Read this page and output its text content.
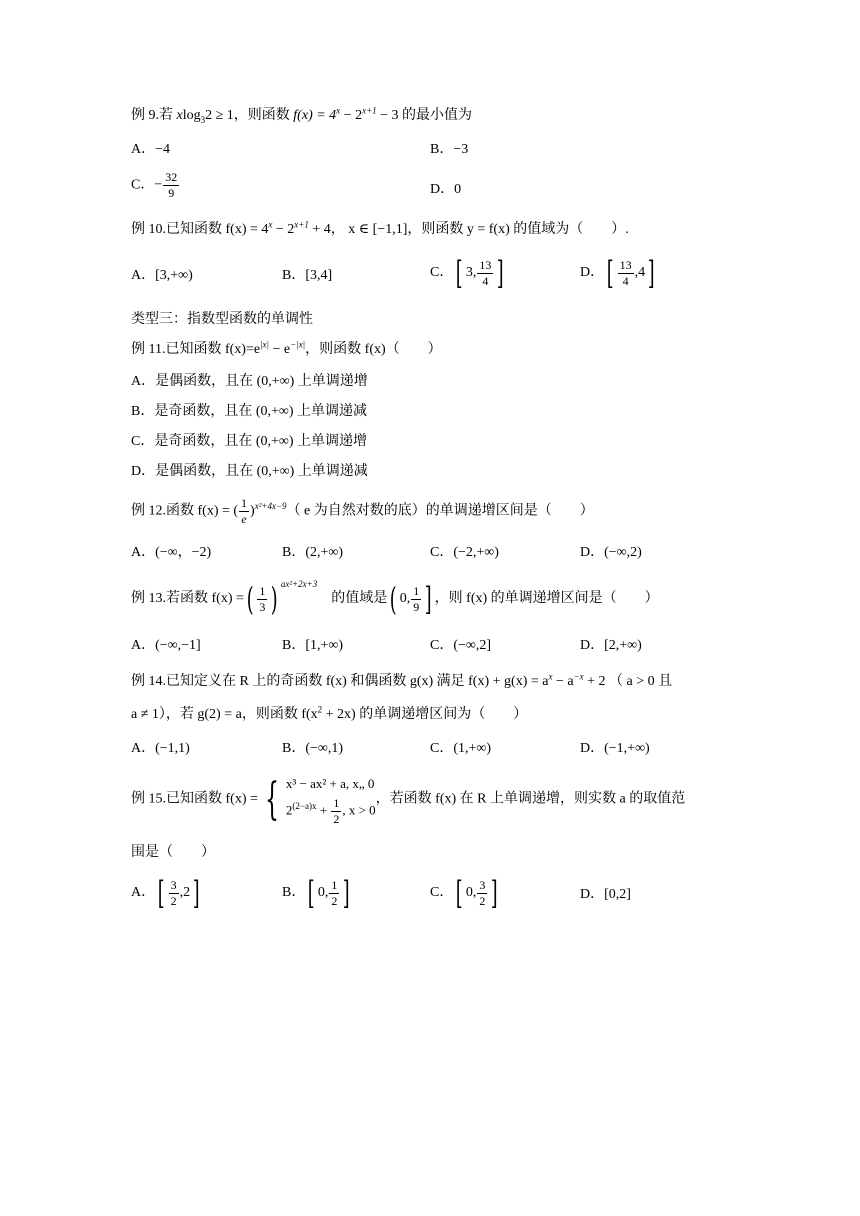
例 9.若 xlog$_3$2 ≥ 1，则函数 $f(x) = 4^x - 2^{x+1} - 3$ 的最小值为
A．−4	B．−3
C．− $\frac{32}{9}$	D．0
例 10.已知函数 $f(x) = 4^x - 2^{x+1} + 4$， x ∈ [−1,1]，则函数 y = f(x) 的值域为（　　）.
A．[3,+∞)	B．[3,4]	C．[ 3, $\frac{13}{4}$ ]	D．[ $\frac{13}{4} ,4$]
类型三：指数型函数的单调性
例 11.已知函数 $f(x)=e^{|x|} - e^{-|x|}$，则函数 f(x)（　　）
A．是偶函数，且在 (0,+∞) 上单调递增
B．是奇函数，且在 (0,+∞) 上单调递减
C．是奇函数，且在 (0,+∞) 上单调递增
D．是偶函数，且在 (0,+∞) 上单调递减
例 12.函数 f(x) = ( $\frac{1}{e} )^{x^2+4x-9}$（ e 为自然对数的底）的单调递增区间是（　　）
A．(−∞，−2)	B．(2,+∞)	C．(−2,+∞)	D．(−∞,2)
例 13.若函数 f(x) =( $\frac{1}{3}$ ) $^{ax^2+2x+3}$的值域是( 0, $\frac{1}{9}$ ] ，则 f(x) 的单调递增区间是（　　）
A．(−∞,−1]	B．[1,+∞)	C．(−∞,2]	D．[2,+∞)
例 14.已知定义在 R 上的奇函数 f(x) 和偶函数 g(x) 满足 $f(x) + g(x) = a^x - a^{-x} + 2$ （ a > 0 且
a ≠ 1），若 g(2) = a，则函数 $f(x^2 + 2x)$ 的单调递增区间为（　　）
A．(−1,1)	B．(−∞,1)	C．(1,+∞)	D．(−1,+∞)
例 15.已知函数 f(x) = { x³ − ax² + a, x„ 0
$2^{(2-a)x} + \frac{1}{2}$ , x > 0
，若函数 f(x) 在 R 上单调递增，则实数 a 的取值范
围是（　　）
A．[ $\frac{3}{2} ,2$]	B．[ 0, $\frac{1}{2}$ ]	C．[ 0, $\frac{3}{2}$ ]	D．[0,2]
